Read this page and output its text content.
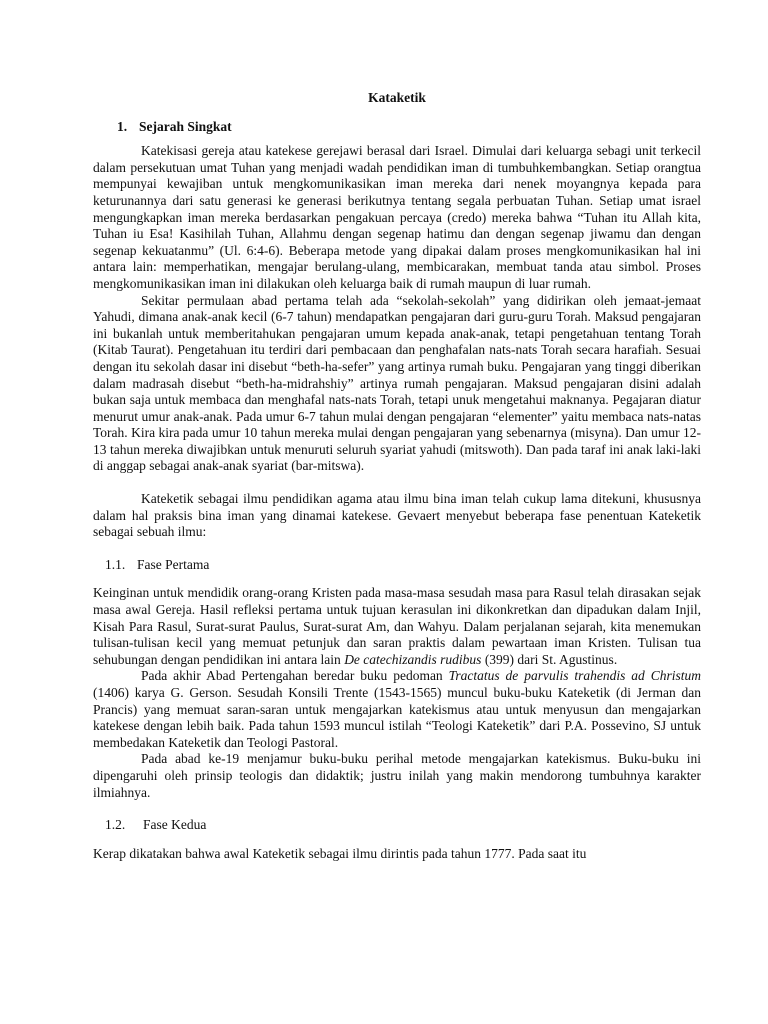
Kataketik
1. Sejarah Singkat

Katekisasi gereja atau katekese gerejawi berasal dari Israel. Dimulai dari keluarga sebagi unit terkecil dalam persekutuan umat Tuhan yang menjadi wadah pendidikan iman di tumbuhkembangkan. Setiap orangtua mempunyai kewajiban untuk mengkomunikasikan iman mereka dari nenek moyangnya kepada para keturunannya dari satu generasi ke generasi berikutnya tentang segala perbuatan Tuhan. Setiap umat israel mengungkapkan iman mereka berdasarkan pengakuan percaya (credo) mereka bahwa “Tuhan itu Allah kita, Tuhan iu Esa! Kasihilah Tuhan, Allahmu dengan segenap hatimu dan dengan segenap jiwamu dan dengan segenap kekuatanmu” (Ul. 6:4-6). Beberapa metode yang dipakai dalam proses mengkomunikasikan hal ini antara lain: memperhatikan, mengajar berulang-ulang, membicarakan, membuat tanda atau simbol. Proses mengkomunikasikan iman ini dilakukan oleh keluarga baik di rumah maupun di luar rumah.

Sekitar permulaan abad pertama telah ada “sekolah-sekolah” yang didirikan oleh jemaat-jemaat Yahudi, dimana anak-anak kecil (6-7 tahun) mendapatkan pengajaran dari guru-guru Torah. Maksud pengajaran ini bukanlah untuk memberitahukan pengajaran umum kepada anak-anak, tetapi pengetahuan tentang Torah (Kitab Taurat). Pengetahuan itu terdiri dari pembacaan dan penghafalan nats-nats Torah secara harafiah. Sesuai dengan itu sekolah dasar ini disebut “beth-ha-sefer” yang artinya rumah buku. Pengajaran yang tinggi diberikan dalam madrasah disebut “beth-ha-midrahshiy” artinya rumah pengajaran. Maksud pengajaran disini adalah bukan saja untuk membaca dan menghafal nats-nats Torah, tetapi unuk mengetahui maknanya. Pegajaran diatur menurut umur anak-anak. Pada umur 6-7 tahun mulai dengan pengajaran “elementer” yaitu membaca nats-natas Torah. Kira kira pada umur 10 tahun mereka mulai dengan pengajaran yang sebenarnya (misyna). Dan umur 12-13 tahun mereka diwajibkan untuk menuruti seluruh syariat yahudi (mitswoth). Dan pada taraf ini anak laki-laki di anggap sebagai anak-anak syariat (bar-mitswa).

Kateketik sebagai ilmu pendidikan agama atau ilmu bina iman telah cukup lama ditekuni, khususnya dalam hal praksis bina iman yang dinamai katekese. Gevaert menyebut beberapa fase penentuan Kateketik sebagai sebuah ilmu:

1.1. Fase Pertama

Keinginan untuk mendidik orang-orang Kristen pada masa-masa sesudah masa para Rasul telah dirasakan sejak masa awal Gereja. Hasil refleksi pertama untuk tujuan kerasulan ini dikonkretkan dan dipadukan dalam Injil, Kisah Para Rasul, Surat-surat Paulus, Surat-surat Am, dan Wahyu. Dalam perjalanan sejarah, kita menemukan tulisan-tulisan kecil yang memuat petunjuk dan saran praktis dalam pewartaan iman Kristen. Tulisan tua sehubungan dengan pendidikan ini antara lain De catechizandis rudibus (399) dari St. Agustinus.

Pada akhir Abad Pertengahan beredar buku pedoman Tractatus de parvulis trahendis ad Christum (1406) karya G. Gerson. Sesudah Konsili Trente (1543-1565) muncul buku-buku Kateketik (di Jerman dan Prancis) yang memuat saran-saran untuk mengajarkan katekismus atau untuk menyusun dan mengajarkan katekese dengan lebih baik. Pada tahun 1593 muncul istilah “Teologi Kateketik” dari P.A. Possevino, SJ untuk membedakan Kateketik dan Teologi Pastoral.

Pada abad ke-19 menjamur buku-buku perihal metode mengajarkan katekismus. Buku-buku ini dipengaruhi oleh prinsip teologis dan didaktik; justru inilah yang makin mendorong tumbuhnya karakter ilmiahnya.

1.2. Fase Kedua

Kerap dikatakan bahwa awal Kateketik sebagai ilmu dirintis pada tahun 1777. Pada saat itu
